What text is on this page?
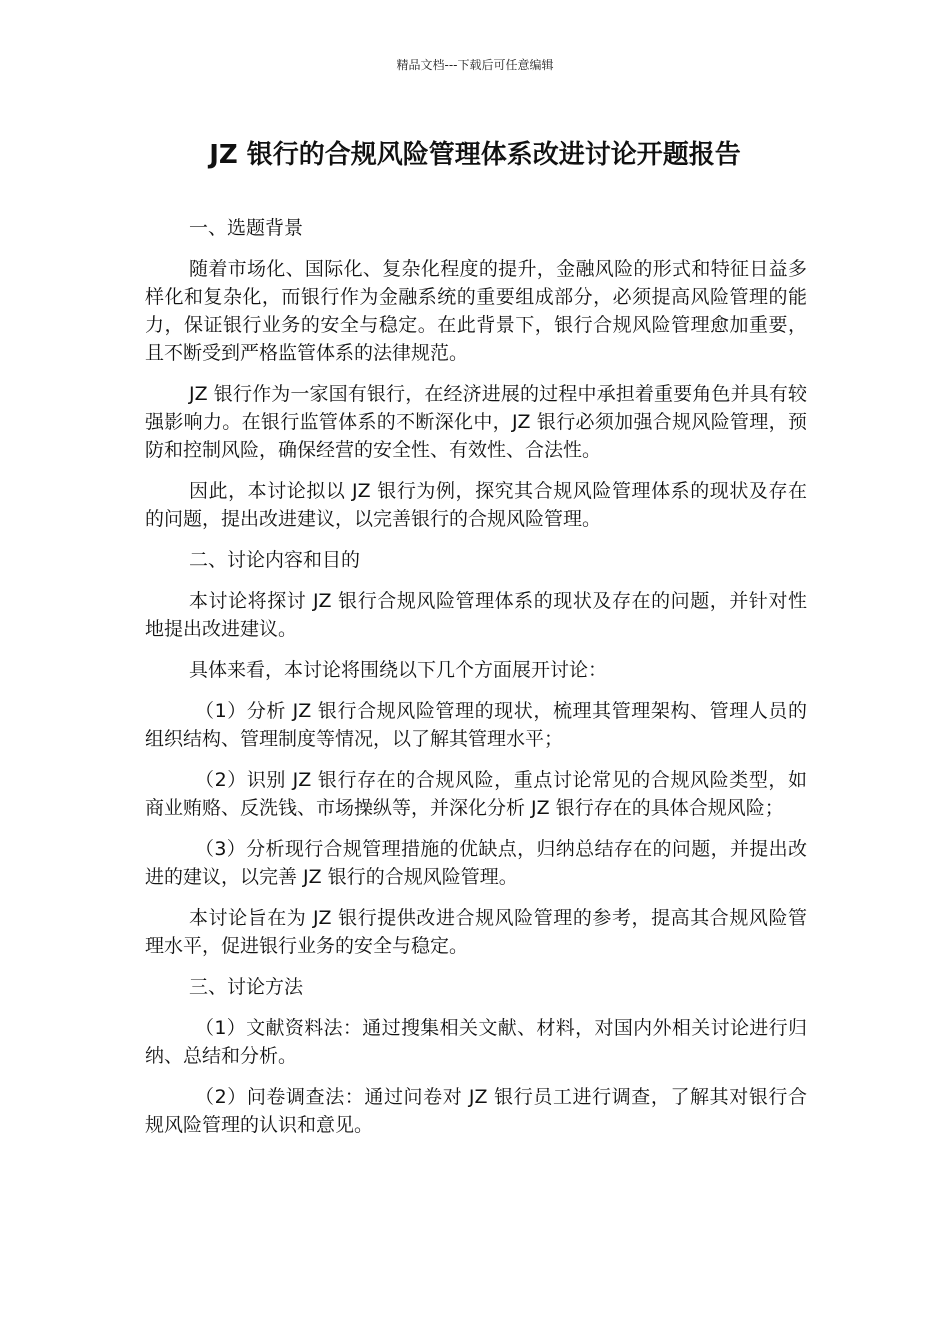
精品文档---下载后可任意编辑
JZ 银行的合规风险管理体系改进讨论开题报告

一、选题背景

随着市场化、国际化、复杂化程度的提升，金融风险的形式和特征日益多样化和复杂化，而银行作为金融系统的重要组成部分，必须提高风险管理的能力，保证银行业务的安全与稳定。在此背景下，银行合规风险管理愈加重要，且不断受到严格监管体系的法律规范。

JZ 银行作为一家国有银行，在经济进展的过程中承担着重要角色并具有较强影响力。在银行监管体系的不断深化中，JZ 银行必须加强合规风险管理，预防和控制风险，确保经营的安全性、有效性、合法性。

因此，本讨论拟以 JZ 银行为例，探究其合规风险管理体系的现状及存在的问题，提出改进建议，以完善银行的合规风险管理。

二、讨论内容和目的

本讨论将探讨 JZ 银行合规风险管理体系的现状及存在的问题，并针对性地提出改进建议。

具体来看，本讨论将围绕以下几个方面展开讨论：

（1）分析 JZ 银行合规风险管理的现状，梳理其管理架构、管理人员的组织结构、管理制度等情况，以了解其管理水平；

（2）识别 JZ 银行存在的合规风险，重点讨论常见的合规风险类型，如商业贿赂、反洗钱、市场操纵等，并深化分析 JZ 银行存在的具体合规风险；

（3）分析现行合规管理措施的优缺点，归纳总结存在的问题，并提出改进的建议，以完善 JZ 银行的合规风险管理。

本讨论旨在为 JZ 银行提供改进合规风险管理的参考，提高其合规风险管理水平，促进银行业务的安全与稳定。

三、讨论方法

（1）文献资料法：通过搜集相关文献、材料，对国内外相关讨论进行归纳、总结和分析。

（2）问卷调查法：通过问卷对 JZ 银行员工进行调查，了解其对银行合规风险管理的认识和意见。
